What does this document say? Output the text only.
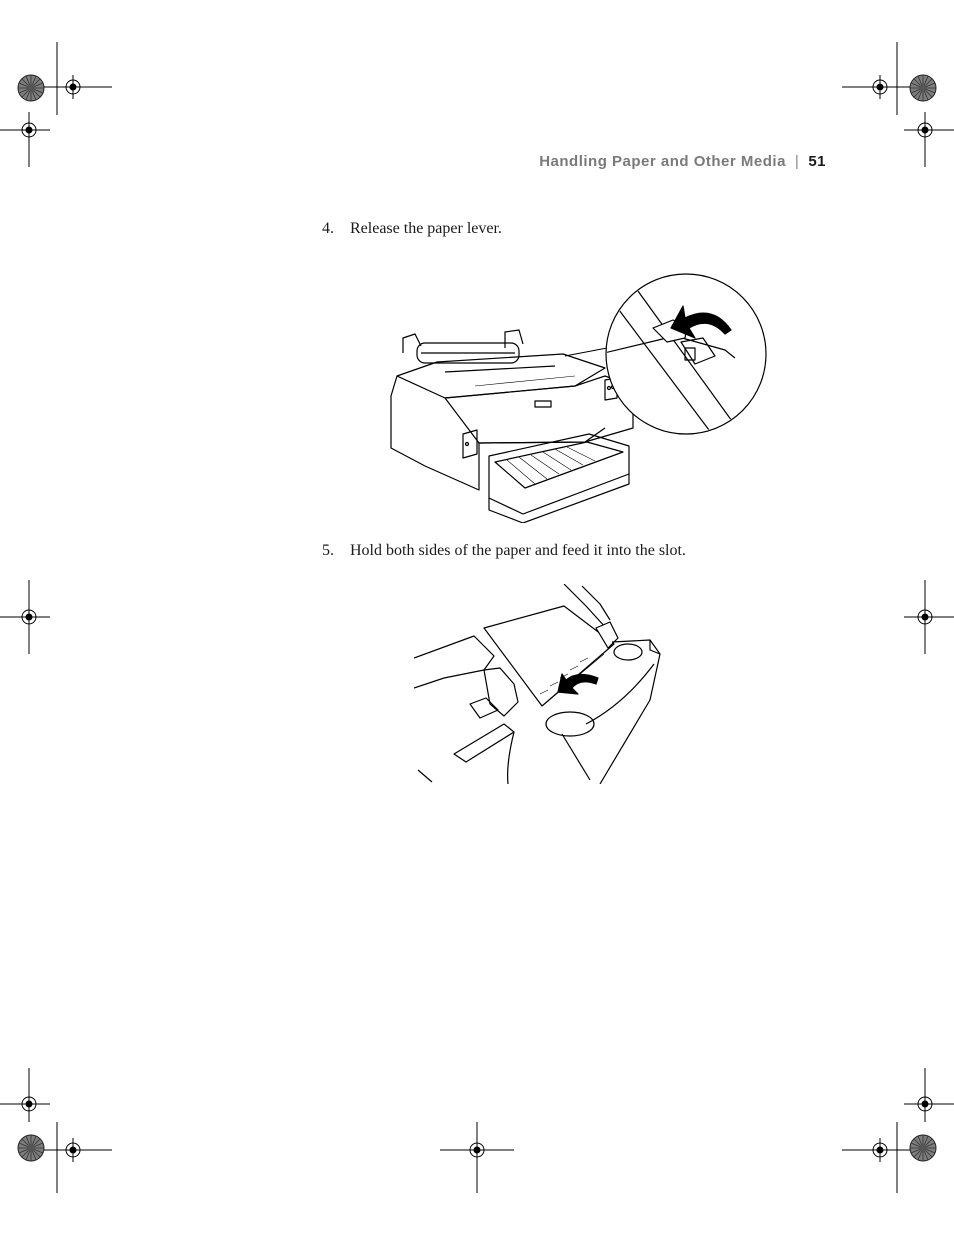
Handling Paper and Other Media | 51
4. Release the paper lever.
5. Hold both sides of the paper and feed it into the slot.
